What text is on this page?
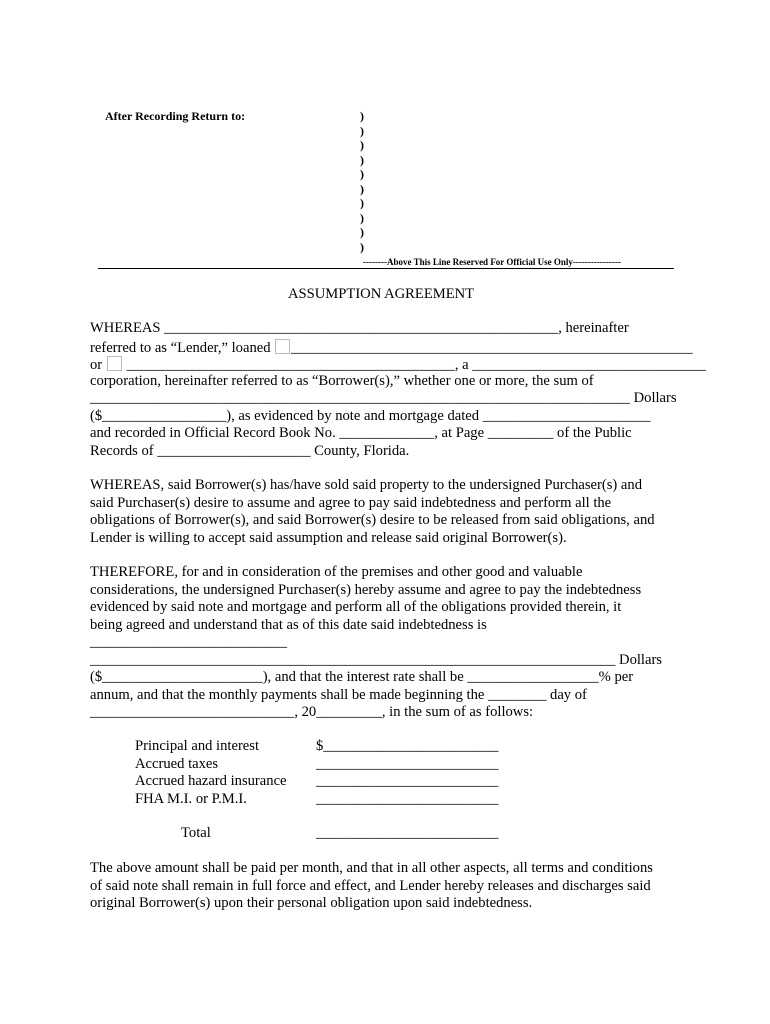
After Recording Return to:	)
)
)
)
)
)
)
)
)
)
--------Above This Line Reserved For Official Use Only----------------
ASSUMPTION AGREEMENT
WHEREAS ______________________________________________________, hereinafter
referred to as “Lender,” loaned _______________________________________________________
or _____________________________________________, a ________________________________
corporation, hereinafter referred to as “Borrower(s),” whether one or more, the sum of
__________________________________________________________________________ Dollars
($_________________), as evidenced by note and mortgage dated _______________________
and recorded in Official Record Book No. _____________, at Page _________ of the Public
Records of _____________________ County, Florida.
WHEREAS, said Borrower(s) has/have sold said property to the undersigned Purchaser(s) and
said Purchaser(s) desire to assume and agree to pay said indebtedness and perform all the
obligations of Borrower(s), and said Borrower(s) desire to be released from said obligations, and
Lender is willing to accept said assumption and release said original Borrower(s).
THEREFORE, for and in consideration of the premises and other good and valuable
considerations, the undersigned Purchaser(s) hereby assume and agree to pay the indebtedness
evidenced by said note and mortgage and perform all of the obligations provided therein, it
being agreed and understand that as of this date said indebtedness is
___________________________
________________________________________________________________________ Dollars
($______________________), and that the interest rate shall be __________________% per
annum, and that the monthly payments shall be made beginning the ________ day of
____________________________, 20_________, in the sum of as follows:
Principal and interest	$________________________
Accrued taxes	_________________________
Accrued hazard insurance _________________________
FHA M.I. or P.M.I.	_________________________
Total	_________________________
The above amount shall be paid per month, and that in all other aspects, all terms and conditions
of said note shall remain in full force and effect, and Lender hereby releases and discharges said
original Borrower(s) upon their personal obligation upon said indebtedness.
